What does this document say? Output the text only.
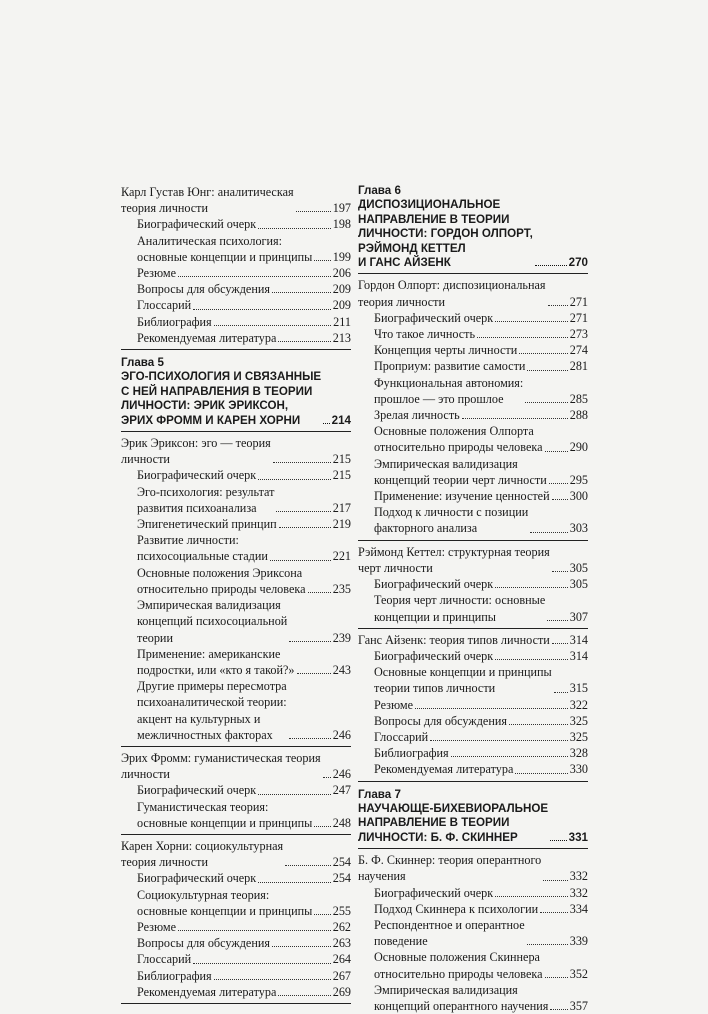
Карл Густав Юнг: аналитическая
теория личности	197
Биографический очерк	198
Аналитическая психология:
основные концепции и принципы 199
Резюме	206
Вопросы для обсуждения	209
Глоссарий	209
Библиография	211
Рекомендуемая литература	213
Глава 5
ЭГО-ПСИХОЛОГИЯ И СВЯЗАННЫЕ
С НЕЙ НАПРАВЛЕНИЯ В ТЕОРИИ
ЛИЧНОСТИ: ЭРИК ЭРИКСОН,
ЭРИХ ФРОММ И КАРЕН ХОРНИ	214
Эрик Эриксон: эго — теория
личности	215
Биографический очерк	215
Эго-психология: результат
развития психоанализа	217
Эпигенетический принцип	219
Развитие личности:
психосоциальные стадии	221
Основные положения Эриксона
относительно природы человека 235
Эмпирическая валидизация
концепций психосоциальной
теории	239
Применение: американские
подростки, или «кто я такой?»	243
Другие примеры пересмотра
психоаналитической теории:
акцент на культурных и
межличностных факторах	246
Эрих Фромм: гуманистическая теория
личности	246
Биографический очерк	247
Гуманистическая теория:
основные концепции и принципы 248
Карен Хорни: социокультурная
теория личности	254
Биографический очерк	254
Социокультурная теория:
основные концепции и принципы 255
Резюме	262
Вопросы для обсуждения	263
Глоссарий	264
Библиография	267
Рекомендуемая литература	269
Глава 6
ДИСПОЗИЦИОНАЛЬНОЕ
НАПРАВЛЕНИЕ В ТЕОРИИ
ЛИЧНОСТИ: ГОРДОН ОЛПОРТ,
РЭЙМОНД КЕТТЕЛ
И ГАНС АЙЗЕНК	270
Гордон Олпорт: диспозициональная
теория личности	271
Биографический очерк	271
Что такое личность	273
Концепция черты личности	274
Проприум: развитие самости	281
Функциональная автономия:
прошлое — это прошлое	285
Зрелая личность	288
Основные положения Олпорта
относительно природы человека 290
Эмпирическая валидизация
концепций теории черт личности 295
Применение: изучение ценностей 300
Подход к личности с позиции
факторного анализа	303
Рэймонд Кеттел: структурная теория
черт личности	305
Биографический очерк	305
Теория черт личности: основные
концепции и принципы	307
Ганс Айзенк: теория типов личности 314
Биографический очерк	314
Основные концепции и принципы
теории типов личности	315
Резюме	322
Вопросы для обсуждения	325
Глоссарий	325
Библиография	328
Рекомендуемая литература	330
Глава 7
НАУЧАЮЩЕ-БИХЕВИОРАЛЬНОЕ
НАПРАВЛЕНИЕ В ТЕОРИИ
ЛИЧНОСТИ: Б. Ф. СКИННЕР	331
Б. Ф. Скиннер: теория оперантного
научения	332
Биографический очерк	332
Подход Скиннера к психологии	334
Респондентное и оперантное
поведение	339
Основные положения Скиннера
относительно природы человека 352
Эмпирическая валидизация
концепций оперантного научения 357
